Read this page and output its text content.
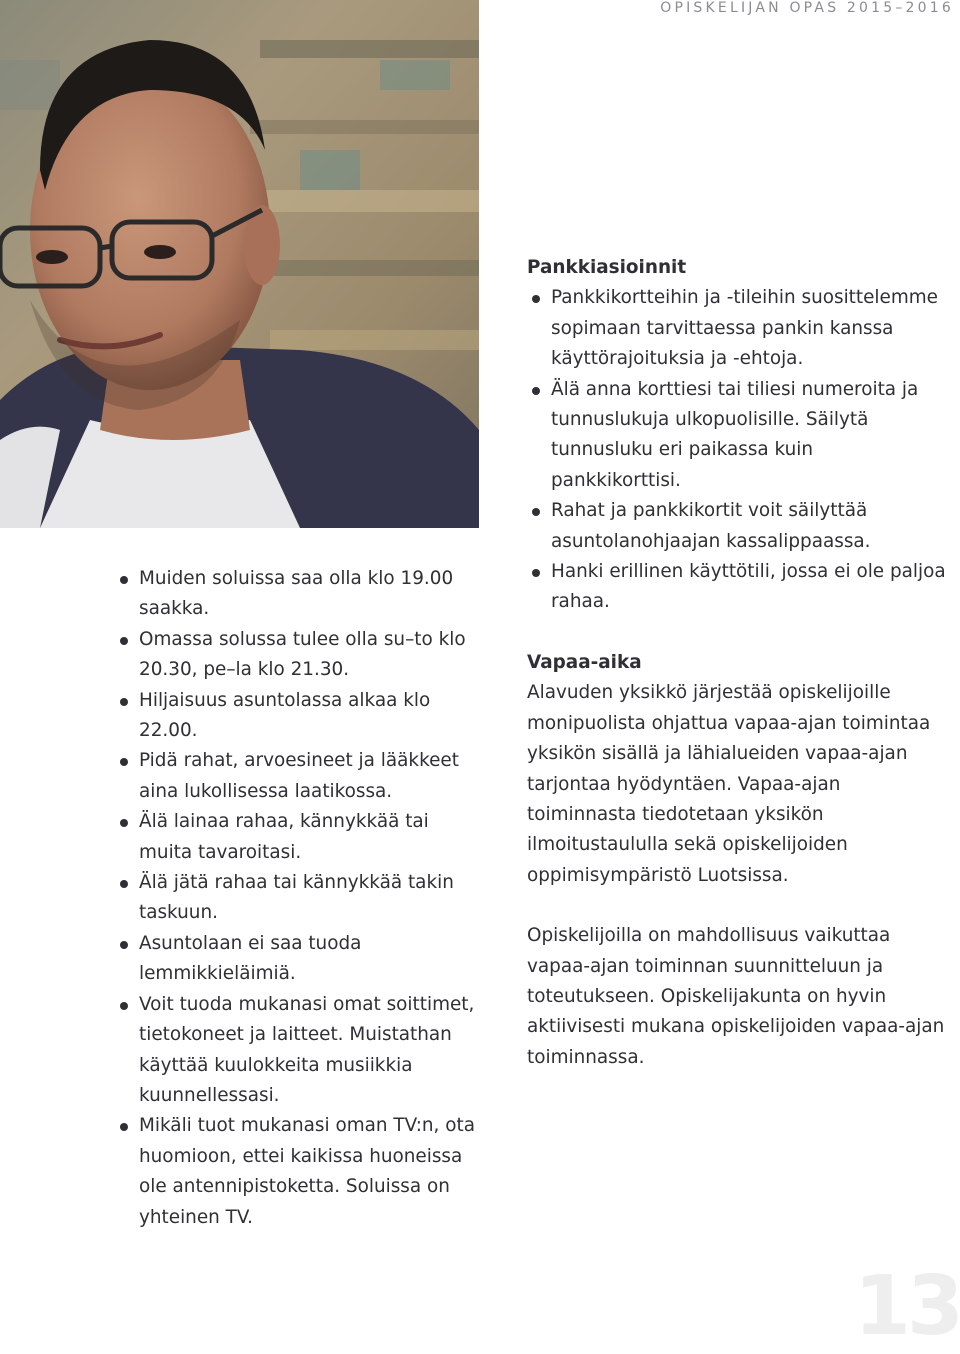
OPISKELIJAN OPAS 2015–2016
Muiden soluissa saa olla klo 19.00 saakka.
Omassa solussa tulee olla su–to klo 20.30, pe–la klo 21.30.
Hiljaisuus asuntolassa alkaa klo 22.00.
Pidä rahat, arvoesineet ja lääkkeet aina lukollisessa laatikossa.
Älä lainaa rahaa, kännykkää tai muita tavaroitasi.
Älä jätä rahaa tai kännykkää takin taskuun.
Asuntolaan ei saa tuoda lemmikkieläimiä.
Voit tuoda mukanasi omat soittimet, tietokoneet ja laitteet. Muistathan käyttää kuulokkeita musiikkia kuunnellessasi.
Mikäli tuot mukanasi oman TV:n, ota huomioon, ettei kaikissa huoneissa ole antennipistoketta. Soluissa on yhteinen TV.

Pankkiasioinnit

Pankkikortteihin ja -tileihin suosittelemme sopimaan tarvittaessa pankin kanssa käyttörajoituksia ja -ehtoja.
Älä anna korttiesi tai tiliesi numeroita ja tunnuslukuja ulkopuolisille. Säilytä tunnusluku eri paikassa kuin pankkikorttisi.
Rahat ja pankkikortit voit säilyttää asuntolanohjaajan kassalippaassa.
Hanki erillinen käyttötili, jossa ei ole paljoa rahaa.

Vapaa-aika

Alavuden yksikkö järjestää opiskelijoille monipuolista ohjattua vapaa-ajan toimintaa yksikön sisällä ja lähialueiden vapaa-ajan tarjontaa hyödyntäen. Vapaa-ajan toiminnasta tiedotetaan yksikön ilmoitustaululla sekä opiskelijoiden oppimisympäristö Luotsissa.

Opiskelijoilla on mahdollisuus vaikuttaa vapaa-ajan toiminnan suunnitteluun ja toteutukseen. Opiskelijakunta on hyvin aktiivisesti mukana opiskelijoiden vapaa-ajan toiminnassa.

13
